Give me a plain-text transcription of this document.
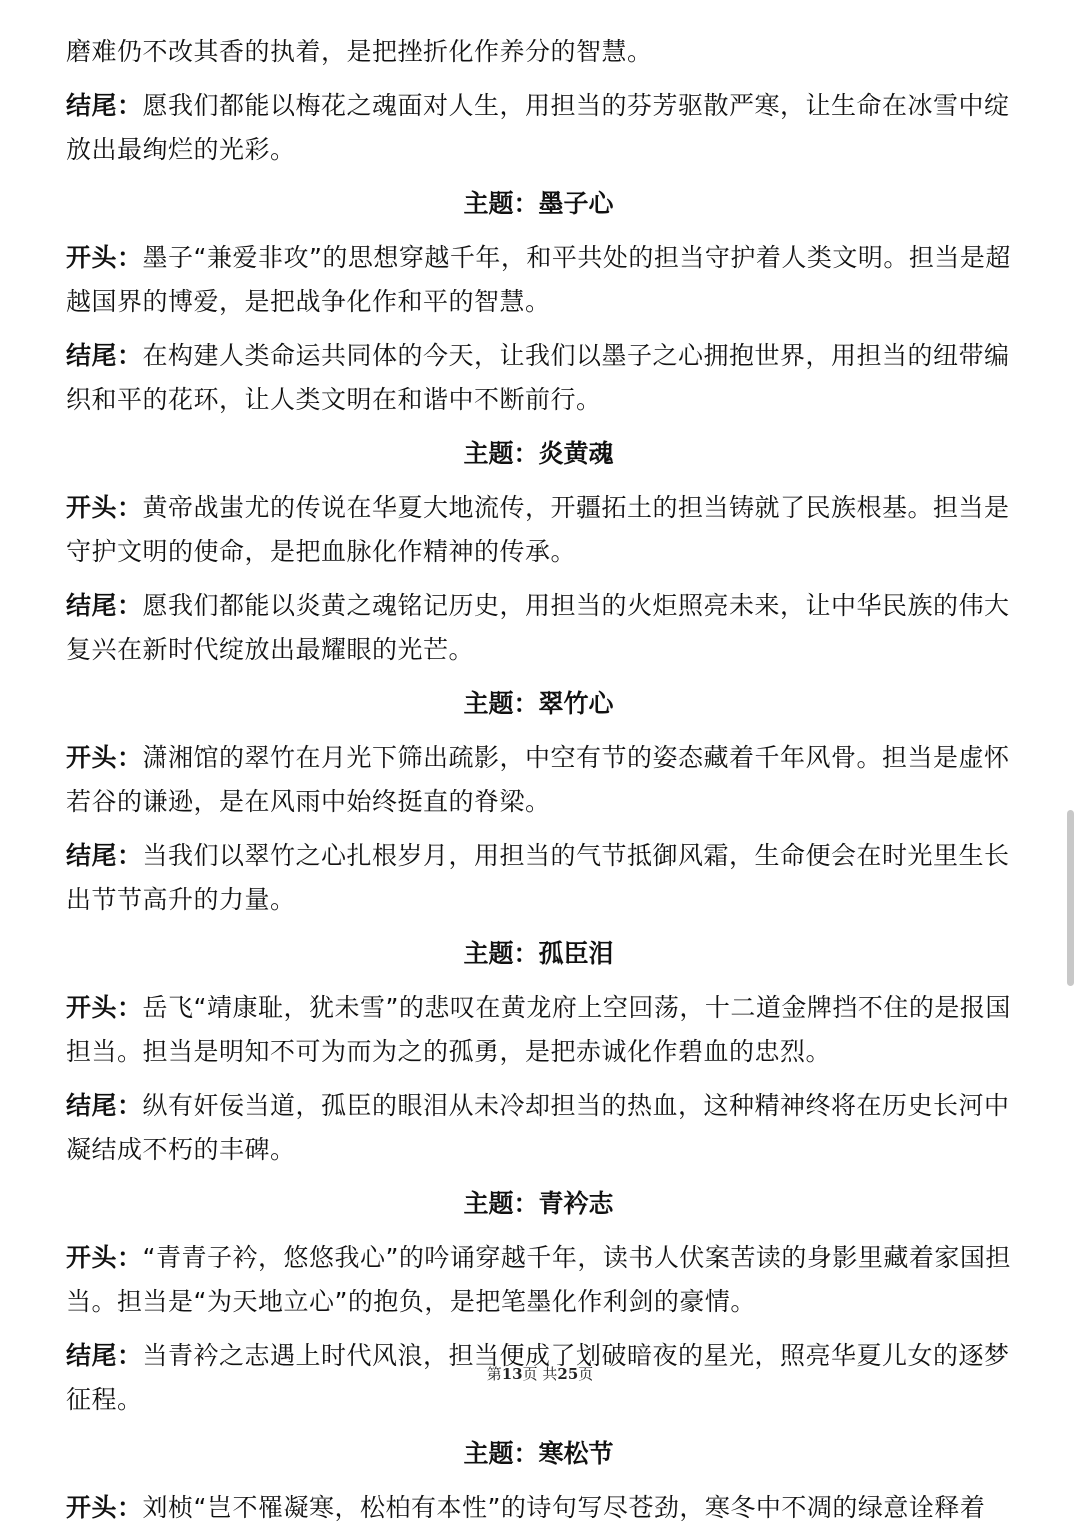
磨难仍不改其香的执着，是把挫折化作养分的智慧。

结尾：愿我们都能以梅花之魂面对人生，用担当的芬芳驱散严寒，让生命在冰雪中绽放出最绚烂的光彩。

主题：墨子心

开头：墨子“兼爱非攻”的思想穿越千年，和平共处的担当守护着人类文明。担当是超越国界的博爱，是把战争化作和平的智慧。

结尾：在构建人类命运共同体的今天，让我们以墨子之心拥抱世界，用担当的纽带编织和平的花环，让人类文明在和谐中不断前行。

主题：炎黄魂

开头：黄帝战蚩尤的传说在华夏大地流传，开疆拓土的担当铸就了民族根基。担当是守护文明的使命，是把血脉化作精神的传承。

结尾：愿我们都能以炎黄之魂铭记历史，用担当的火炬照亮未来，让中华民族的伟大复兴在新时代绽放出最耀眼的光芒。

主题：翠竹心

开头：潇湘馆的翠竹在月光下筛出疏影，中空有节的姿态藏着千年风骨。担当是虚怀若谷的谦逊，是在风雨中始终挺直的脊梁。

结尾：当我们以翠竹之心扎根岁月，用担当的气节抵御风霜，生命便会在时光里生长出节节高升的力量。

主题：孤臣泪

开头：岳飞“靖康耻，犹未雪”的悲叹在黄龙府上空回荡，十二道金牌挡不住的是报国担当。担当是明知不可为而为之的孤勇，是把赤诚化作碧血的忠烈。

结尾：纵有奸佞当道，孤臣的眼泪从未冷却担当的热血，这种精神终将在历史长河中凝结成不朽的丰碑。

主题：青衿志

开头：“青青子衿，悠悠我心”的吟诵穿越千年，读书人伏案苦读的身影里藏着家国担当。担当是“为天地立心”的抱负，是把笔墨化作利剑的豪情。

结尾：当青衿之志遇上时代风浪，担当便成了划破暗夜的星光，照亮华夏儿女的逐梦征程。

主题：寒松节

开头：刘桢“岂不罹凝寒，松柏有本性”的诗句写尽苍劲，寒冬中不凋的绿意诠释着

第13页 共25页
